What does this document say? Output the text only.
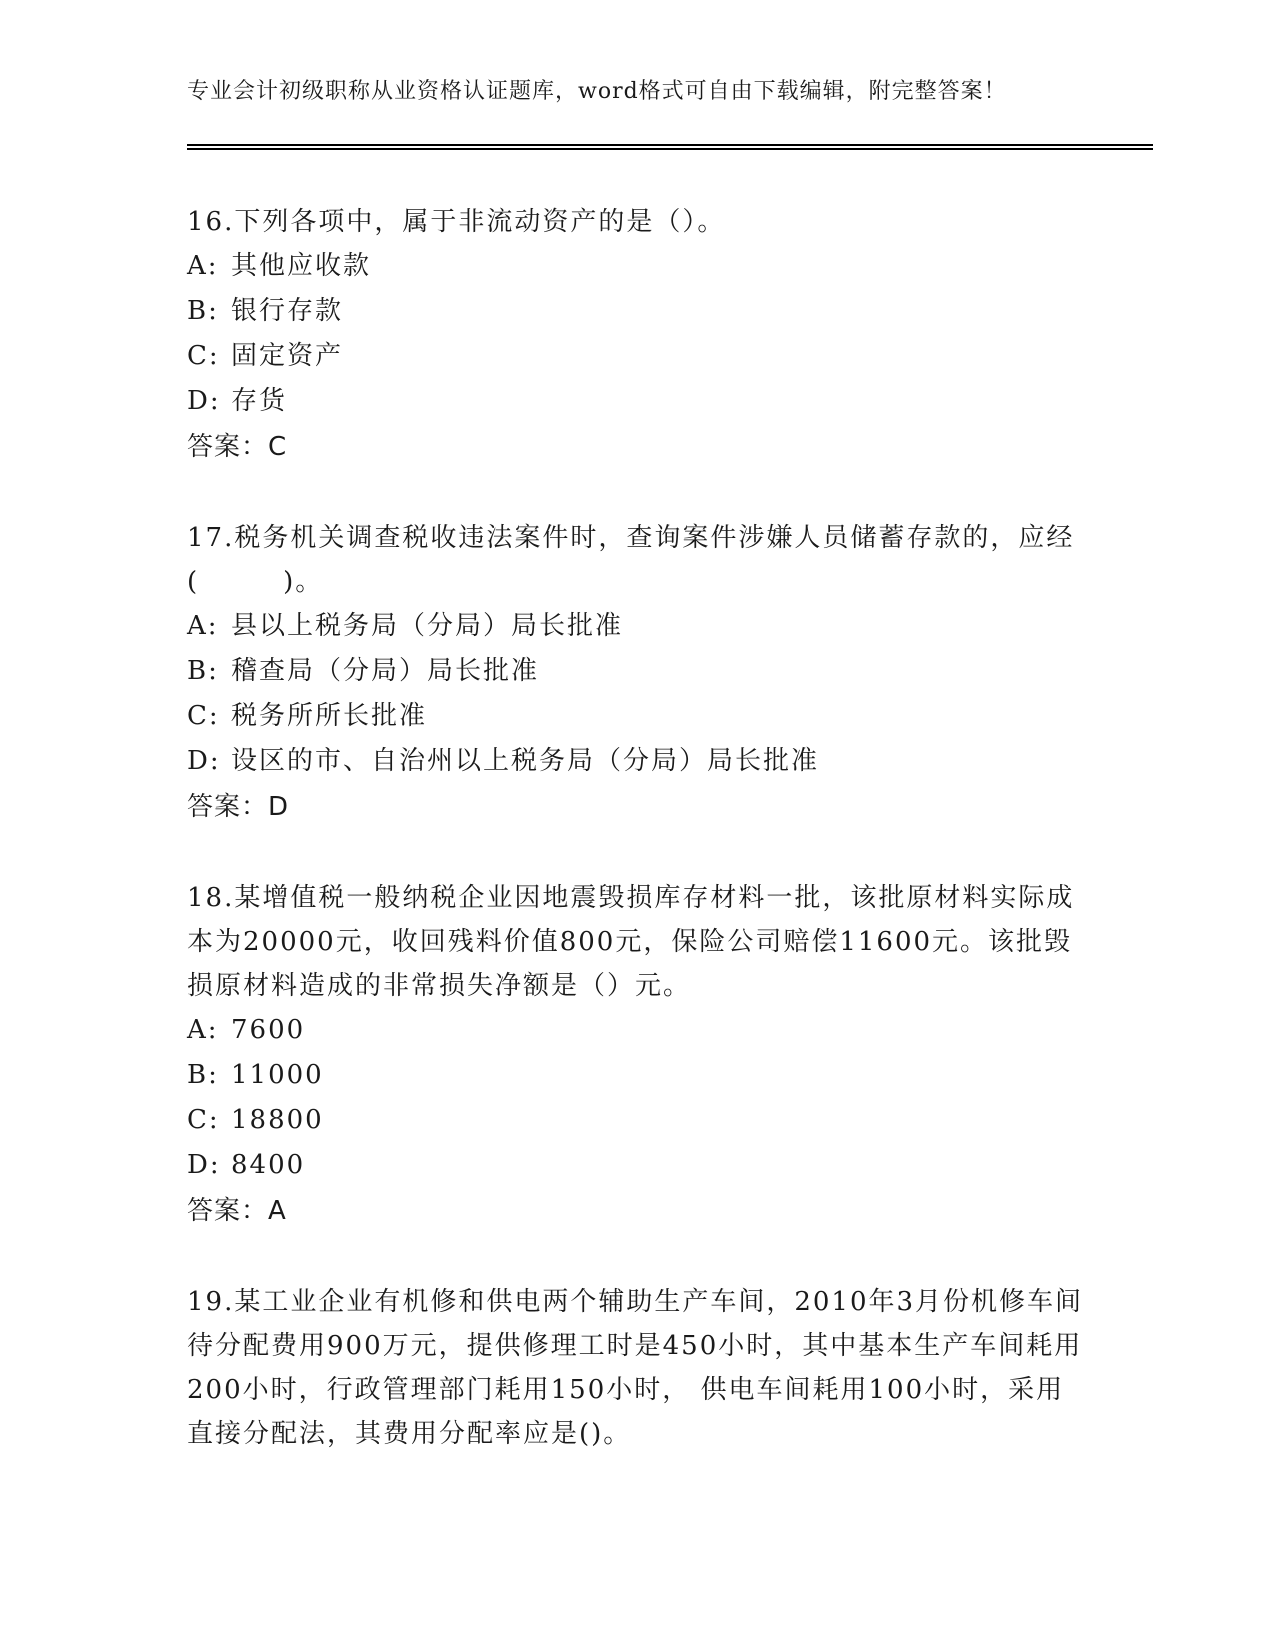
专业会计初级职称从业资格认证题库，word格式可自由下载编辑，附完整答案！
16.下列各项中，属于非流动资产的是（）。
A: 其他应收款
B: 银行存款
C: 固定资产
D: 存货
答案：C
17.税务机关调查税收违法案件时，查询案件涉嫌人员储蓄存款的，应经(　　　)。
A: 县以上税务局（分局）局长批准
B: 稽查局（分局）局长批准
C: 税务所所长批准
D: 设区的市、自治州以上税务局（分局）局长批准
答案：D
18.某增值税一般纳税企业因地震毁损库存材料一批，该批原材料实际成本为20000元，收回残料价值800元，保险公司赔偿11600元。该批毁损原材料造成的非常损失净额是（）元。
A: 7600
B: 11000
C: 18800
D: 8400
答案：A
19.某工业企业有机修和供电两个辅助生产车间，2010年3月份机修车间待分配费用900万元，提供修理工时是450小时，其中基本生产车间耗用200小时，行政管理部门耗用150小时， 供电车间耗用100小时，采用直接分配法，其费用分配率应是()。
